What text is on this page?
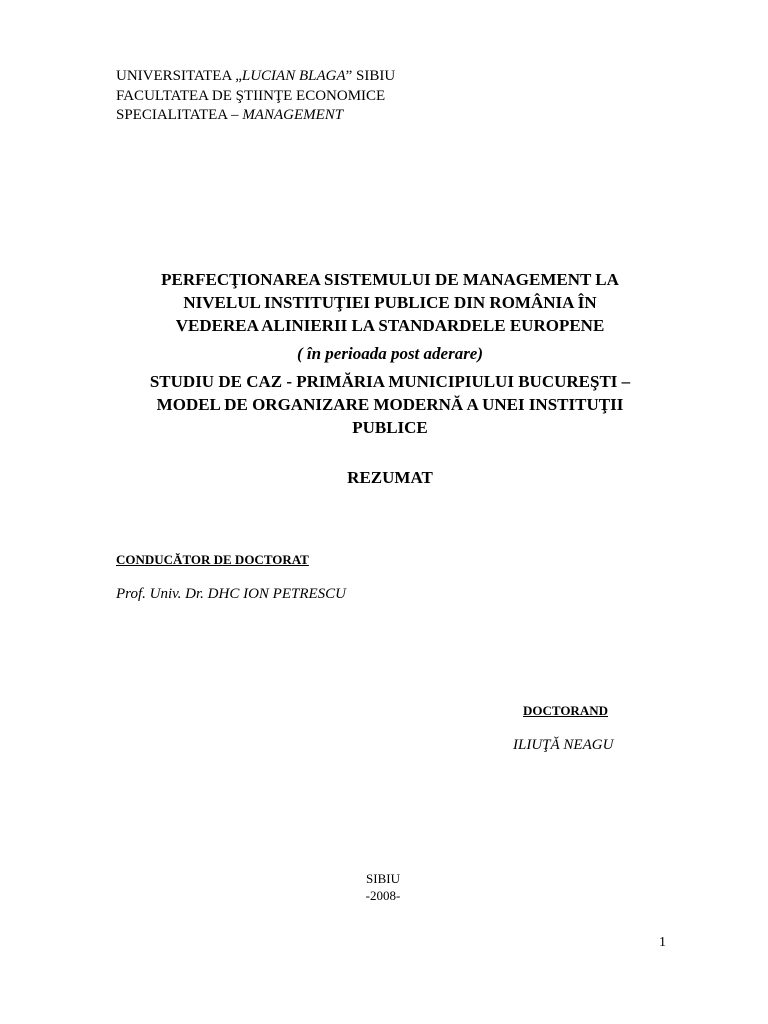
UNIVERSITATEA „LUCIAN BLAGA” SIBIU
FACULTATEA DE ŞTIINŢE ECONOMICE
SPECIALITATEA – MANAGEMENT
PERFECŢIONAREA SISTEMULUI DE MANAGEMENT LA
NIVELUL INSTITUŢIEI PUBLICE DIN ROMÂNIA ÎN
VEDEREA ALINIERII LA STANDARDELE EUROPENE
( în perioada post aderare)
STUDIU DE CAZ - PRIMĂRIA MUNICIPIULUI BUCUREŞTI –
MODEL DE ORGANIZARE MODERNĂ A UNEI INSTITUŢII
PUBLICE
REZUMAT
CONDUCĂTOR DE DOCTORAT
Prof. Univ. Dr. DHC ION PETRESCU
DOCTORAND
ILIUŢĂ NEAGU
SIBIU
-2008-
1
